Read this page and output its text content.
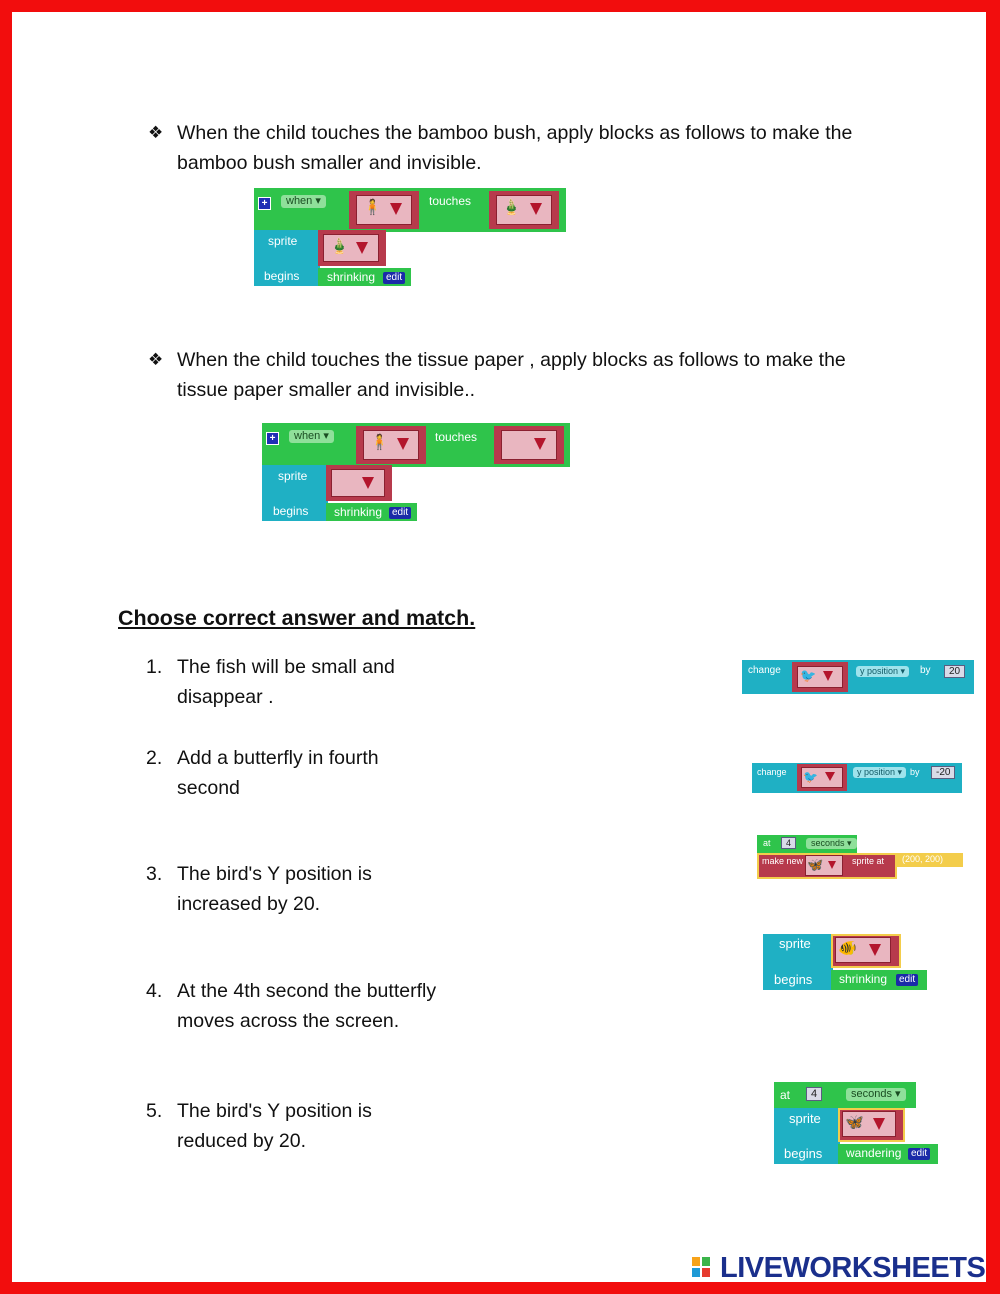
❖ When the child touches the bamboo bush, apply blocks as follows to make the bamboo bush smaller and invisible.
+	when ▾	🧍	touches 🎍
sprite
begins
🎍
shrinking	edit
❖ When the child touches the tissue paper , apply blocks as follows to make the tissue paper smaller and invisible..
+	when ▾	🧍	touches ▭
sprite
begins
▭
shrinking edit
Choose correct answer and match.
1. The fish will be small and disappear .
2. Add a butterfly in fourth second
3. The bird's Y position is increased by 20.
4. At the 4th second the butterfly moves across the screen.
5. The bird's Y position is reduced by 20.
change 🐦	y position ▾	by	20
change 🐦	y position ▾ by	-20
at	4	seconds ▾
make new 🦋	sprite at (200, 200)
sprite
begins
🐠
shrinking	edit
at	4	seconds ▾
sprite
begins
🦋
wandering edit
LIVEWORKSHEETS
